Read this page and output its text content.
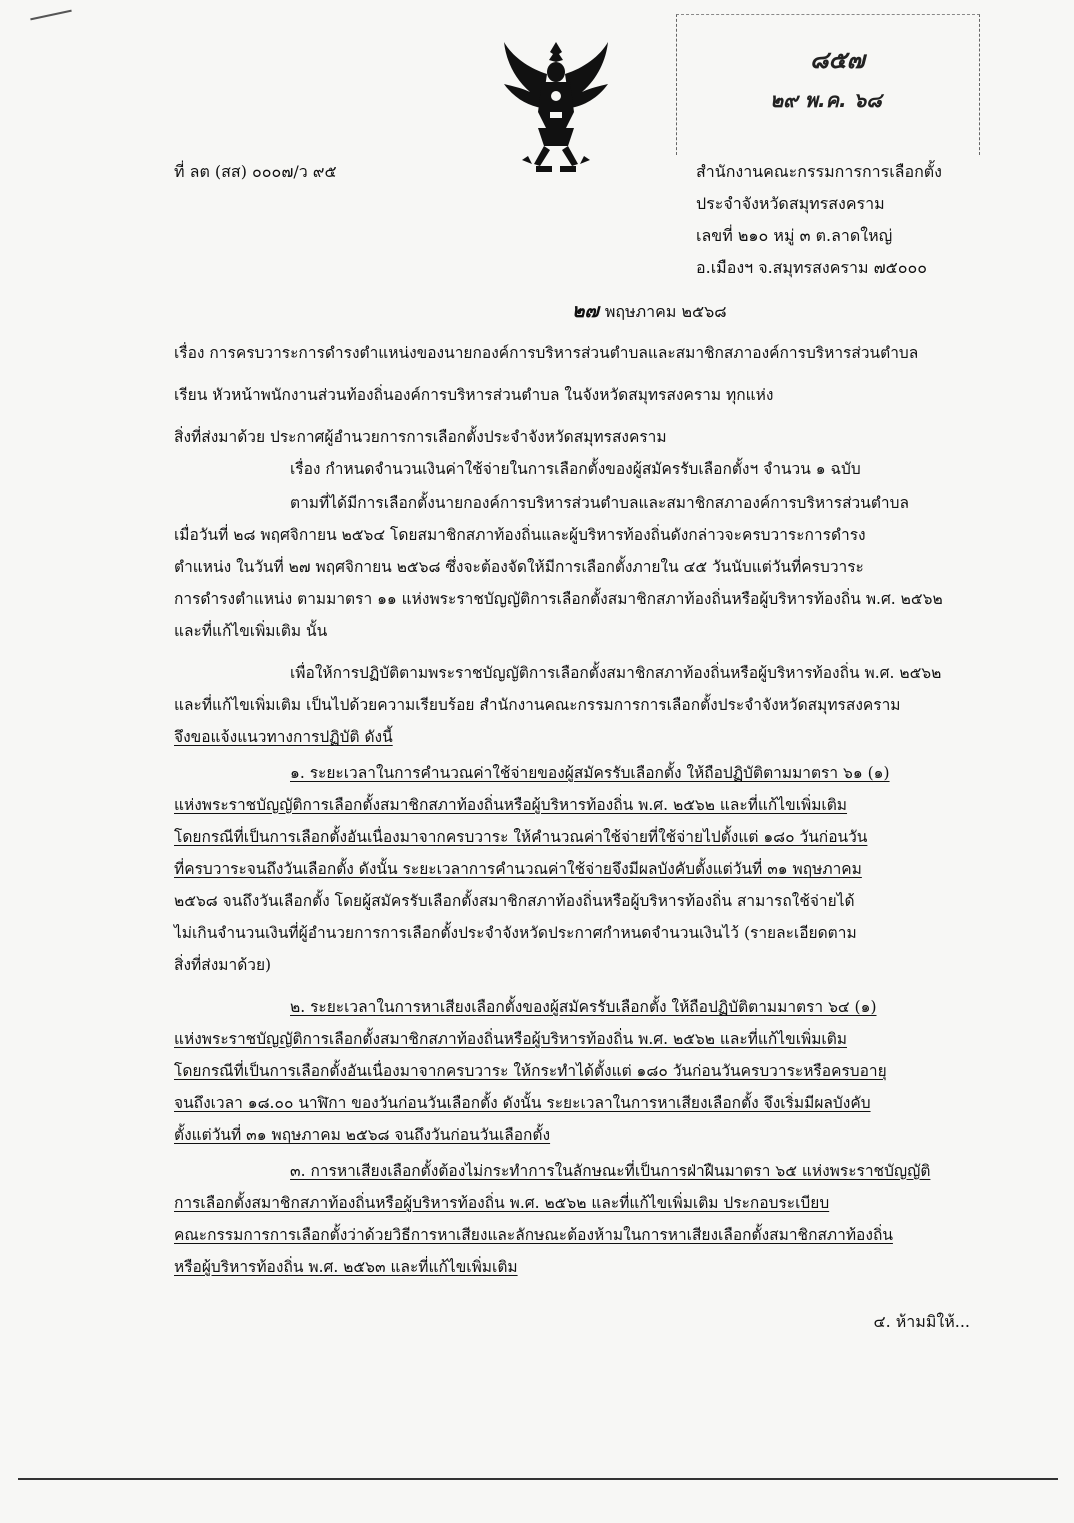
๘๕๗
๒๙ พ.ค. ๖๘
ที่ ลต (สส) ๐๐๐๗/ว ๙๕	สำนักงานคณะกรรมการการเลือกตั้ง
ประจำจังหวัดสมุทรสงคราม
เลขที่ ๒๑๐ หมู่ ๓ ต.ลาดใหญ่
อ.เมืองฯ จ.สมุทรสงคราม ๗๕๐๐๐
๒๗ พฤษภาคม ๒๕๖๘
เรื่อง การครบวาระการดำรงตำแหน่งของนายกองค์การบริหารส่วนตำบลและสมาชิกสภาองค์การบริหารส่วนตำบล
เรียน หัวหน้าพนักงานส่วนท้องถิ่นองค์การบริหารส่วนตำบล ในจังหวัดสมุทรสงคราม ทุกแห่ง
สิ่งที่ส่งมาด้วย ประกาศผู้อำนวยการการเลือกตั้งประจำจังหวัดสมุทรสงคราม
เรื่อง กำหนดจำนวนเงินค่าใช้จ่ายในการเลือกตั้งของผู้สมัครรับเลือกตั้งฯ จำนวน ๑ ฉบับ
ตามที่ได้มีการเลือกตั้งนายกองค์การบริหารส่วนตำบลและสมาชิกสภาองค์การบริหารส่วนตำบล
เมื่อวันที่ ๒๘ พฤศจิกายน ๒๕๖๔ โดยสมาชิกสภาท้องถิ่นและผู้บริหารท้องถิ่นดังกล่าวจะครบวาระการดำรง
ตำแหน่ง ในวันที่ ๒๗ พฤศจิกายน ๒๕๖๘ ซึ่งจะต้องจัดให้มีการเลือกตั้งภายใน ๔๕ วันนับแต่วันที่ครบวาระ
การดำรงตำแหน่ง ตามมาตรา ๑๑ แห่งพระราชบัญญัติการเลือกตั้งสมาชิกสภาท้องถิ่นหรือผู้บริหารท้องถิ่น พ.ศ. ๒๕๖๒
และที่แก้ไขเพิ่มเติม นั้น
เพื่อให้การปฏิบัติตามพระราชบัญญัติการเลือกตั้งสมาชิกสภาท้องถิ่นหรือผู้บริหารท้องถิ่น พ.ศ. ๒๕๖๒
และที่แก้ไขเพิ่มเติม เป็นไปด้วยความเรียบร้อย สำนักงานคณะกรรมการการเลือกตั้งประจำจังหวัดสมุทรสงคราม
จึงขอแจ้งแนวทางการปฏิบัติ ดังนี้
๑. ระยะเวลาในการคำนวณค่าใช้จ่ายของผู้สมัครรับเลือกตั้ง ให้ถือปฏิบัติตามมาตรา ๖๑ (๑)
แห่งพระราชบัญญัติการเลือกตั้งสมาชิกสภาท้องถิ่นหรือผู้บริหารท้องถิ่น พ.ศ. ๒๕๖๒ และที่แก้ไขเพิ่มเติม
โดยกรณีที่เป็นการเลือกตั้งอันเนื่องมาจากครบวาระ ให้คำนวณค่าใช้จ่ายที่ใช้จ่ายไปตั้งแต่ ๑๘๐ วันก่อนวัน
ที่ครบวาระจนถึงวันเลือกตั้ง ดังนั้น ระยะเวลาการคำนวณค่าใช้จ่ายจึงมีผลบังคับตั้งแต่วันที่ ๓๑ พฤษภาคม
๒๕๖๘ จนถึงวันเลือกตั้ง โดยผู้สมัครรับเลือกตั้งสมาชิกสภาท้องถิ่นหรือผู้บริหารท้องถิ่น สามารถใช้จ่ายได้
ไม่เกินจำนวนเงินที่ผู้อำนวยการการเลือกตั้งประจำจังหวัดประกาศกำหนดจำนวนเงินไว้ (รายละเอียดตาม
สิ่งที่ส่งมาด้วย)
๒. ระยะเวลาในการหาเสียงเลือกตั้งของผู้สมัครรับเลือกตั้ง ให้ถือปฏิบัติตามมาตรา ๖๔ (๑)
แห่งพระราชบัญญัติการเลือกตั้งสมาชิกสภาท้องถิ่นหรือผู้บริหารท้องถิ่น พ.ศ. ๒๕๖๒ และที่แก้ไขเพิ่มเติม
โดยกรณีที่เป็นการเลือกตั้งอันเนื่องมาจากครบวาระ ให้กระทำได้ตั้งแต่ ๑๘๐ วันก่อนวันครบวาระหรือครบอายุ
จนถึงเวลา ๑๘.๐๐ นาฬิกา ของวันก่อนวันเลือกตั้ง ดังนั้น ระยะเวลาในการหาเสียงเลือกตั้ง จึงเริ่มมีผลบังคับ
ตั้งแต่วันที่ ๓๑ พฤษภาคม ๒๕๖๘ จนถึงวันก่อนวันเลือกตั้ง
๓. การหาเสียงเลือกตั้งต้องไม่กระทำการในลักษณะที่เป็นการฝ่าฝืนมาตรา ๖๕ แห่งพระราชบัญญัติ
การเลือกตั้งสมาชิกสภาท้องถิ่นหรือผู้บริหารท้องถิ่น พ.ศ. ๒๕๖๒ และที่แก้ไขเพิ่มเติม ประกอบระเบียบ
คณะกรรมการการเลือกตั้งว่าด้วยวิธีการหาเสียงและลักษณะต้องห้ามในการหาเสียงเลือกตั้งสมาชิกสภาท้องถิ่น
หรือผู้บริหารท้องถิ่น พ.ศ. ๒๕๖๓ และที่แก้ไขเพิ่มเติม
๔. ห้ามมิให้...
